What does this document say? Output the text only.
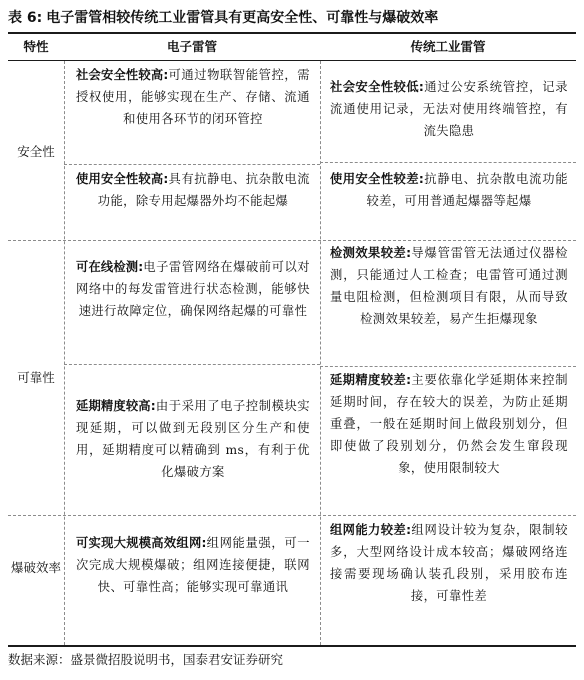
表 6: 电子雷管相较传统工业雷管具有更高安全性、可靠性与爆破效率
特性	电子雷管	传统工业雷管
安全性
可靠性
爆破效率
社会安全性较高:可通过物联智能管控，需授权使用，能够实现在生产、存储、流通和使用各环节的闭环管控
使用安全性较高:具有抗静电、抗杂散电流功能，除专用起爆器外均不能起爆
社会安全性较低:通过公安系统管控，记录流通使用记录，无法对使用终端管控，有流失隐患
使用安全性较差:抗静电、抗杂散电流功能较差，可用普通起爆器等起爆
可在线检测:电子雷管网络在爆破前可以对网络中的每发雷管进行状态检测，能够快速进行故障定位，确保网络起爆的可靠性
延期精度较高:由于采用了电子控制模块实现延期，可以做到无段别区分生产和使用，延期精度可以精确到 ms，有利于优化爆破方案
检测效果较差:导爆管雷管无法通过仪器检测，只能通过人工检查；电雷管可通过测量电阻检测，但检测项目有限，从而导致检测效果较差，易产生拒爆现象
延期精度较差:主要依靠化学延期体来控制延期时间，存在较大的误差，为防止延期重叠，一般在延期时间上做段别划分，但即使做了段别划分，仍然会发生窜段现象，使用限制较大
可实现大规模高效组网:组网能量强，可一次完成大规模爆破；组网连接便捷，联网快、可靠性高；能够实现可靠通讯
组网能力较差:组网设计较为复杂，限制较多，大型网络设计成本较高；爆破网络连接需要现场确认装孔段别，采用胶布连接，可靠性差
数据来源：盛景微招股说明书，国泰君安证券研究
